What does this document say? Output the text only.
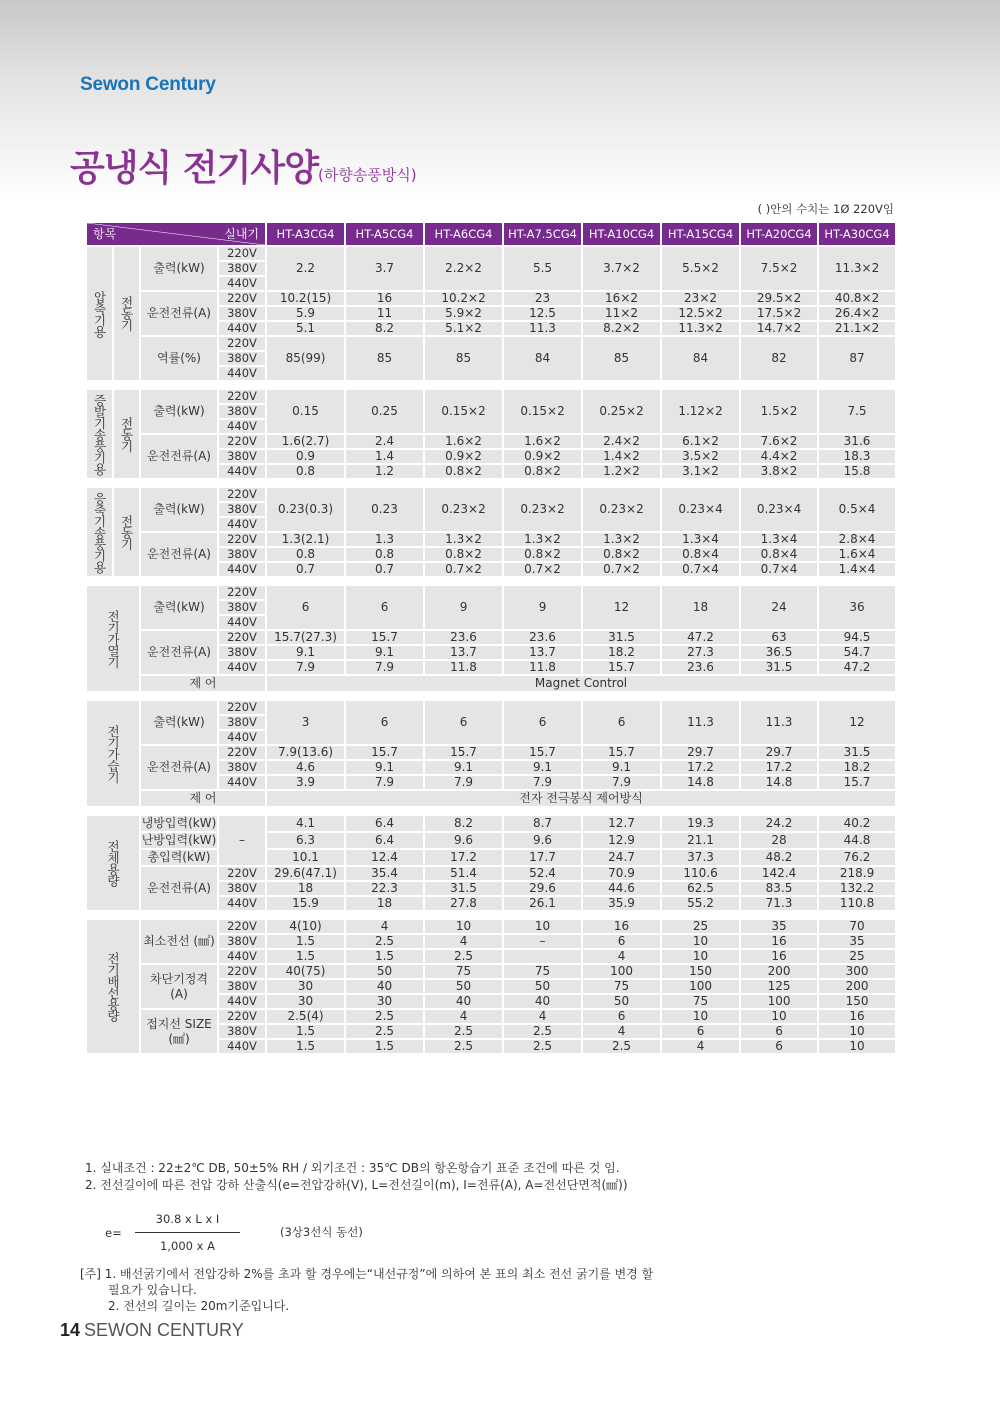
Sewon Century
공냉식 전기사양(하향송풍방식)
( )안의 수치는 1Ø 220V임
항목 실내기				HT-A3CG4	HT-A5CG4	HT-A6CG4	HT-A7.5CG4	HT-A10CG4	HT-A15CG4	HT-A20CG4	HT-A30CG4
압축기용	전동기	출력(kW)	220V	2.2	3.7	2.2×2	5.5	3.7×2	5.5×2	7.5×2	11.3×2
			380V								
			440V								
		운전전류(A)	220V	10.2(15)	16	10.2×2	23	16×2	23×2	29.5×2	40.8×2
			380V	5.9	11	5.9×2	12.5	11×2	12.5×2	17.5×2	26.4×2
			440V	5.1	8.2	5.1×2	11.3	8.2×2	11.3×2	14.7×2	21.1×2
		역률(%)	220V	85(99)	85	85	84	85	84	82	87
			380V								
			440V								

증발기송풍기용	전동기	출력(kW)	220V	0.15	0.25	0.15×2	0.15×2	0.25×2	1.12×2	1.5×2	7.5
			380V								
			440V								
		운전전류(A)	220V	1.6(2.7)	2.4	1.6×2	1.6×2	2.4×2	6.1×2	7.6×2	31.6
			380V	0.9	1.4	0.9×2	0.9×2	1.4×2	3.5×2	4.4×2	18.3
			440V	0.8	1.2	0.8×2	0.8×2	1.2×2	3.1×2	3.8×2	15.8

응축기송풍기용	전동기	출력(kW)	220V	0.23(0.3)	0.23	0.23×2	0.23×2	0.23×2	0.23×4	0.23×4	0.5×4
			380V								
			440V								
		운전전류(A)	220V	1.3(2.1)	1.3	1.3×2	1.3×2	1.3×2	1.3×4	1.3×4	2.8×4
			380V	0.8	0.8	0.8×2	0.8×2	0.8×2	0.8×4	0.8×4	1.6×4
			440V	0.7	0.7	0.7×2	0.7×2	0.7×2	0.7×4	0.7×4	1.4×4

전기가열기		출력(kW)	220V	6	6	9	9	12	18	24	36
			380V								
			440V								
		운전전류(A)	220V	15.7(27.3)	15.7	23.6	23.6	31.5	47.2	63	94.5
			380V	9.1	9.1	13.7	13.7	18.2	27.3	36.5	54.7
			440V	7.9	7.9	11.8	11.8	15.7	23.6	31.5	47.2
		제 어		Magnet Control							

전기가습기		출력(kW)	220V	3	6	6	6	6	11.3	11.3	12
			380V								
			440V								
		운전전류(A)	220V	7.9(13.6)	15.7	15.7	15.7	15.7	29.7	29.7	31.5
			380V	4.6	9.1	9.1	9.1	9.1	17.2	17.2	18.2
			440V	3.9	7.9	7.9	7.9	7.9	14.8	14.8	15.7
		제 어		전자 전극봉식 제어방식							

전체용량		냉방입력(kW)	–	4.1	6.4	8.2	8.7	12.7	19.3	24.2	40.2
		난방입력(kW)		6.3	6.4	9.6	9.6	12.9	21.1	28	44.8
		총입력(kW)		10.1	12.4	17.2	17.7	24.7	37.3	48.2	76.2
		운전전류(A)	220V	29.6(47.1)	35.4	51.4	52.4	70.9	110.6	142.4	218.9
			380V	18	22.3	31.5	29.6	44.6	62.5	83.5	132.2
			440V	15.9	18	27.8	26.1	35.9	55.2	71.3	110.8

전기배선용량		최소전선 (㎟)	220V	4(10)	4	10	10	16	25	35	70
			380V	1.5	2.5	4	–	6	10	16	35
			440V	1.5	1.5	2.5		4	10	16	25
		차단기정격 (A)	220V	40(75)	50	75	75	100	150	200	300
			380V	30	40	50	50	75	100	125	200
			440V	30	30	40	40	50	75	100	150
		접지선 SIZE (㎟)	220V	2.5(4)	2.5	4	4	6	10	10	16
			380V	1.5	2.5	2.5	2.5	4	6	6	10
			440V	1.5	1.5	2.5	2.5	2.5	4	6	10
1. 실내조건 : 22±2℃ DB, 50±5% RH / 외기조건 : 35℃ DB의 항온항습기 표준 조건에 따른 것 임.
2. 전선길이에 따른 전압 강하 산출식(e=전압강하(V), L=전선길이(m), I=전류(A), A=전선단면적(㎟))
$e= \frac{\text{30.8 x L x I}}{\text{1,000 x A}}$	(3상3선식 동선)
[주] 1. 배선굵기에서 전압강하 2%를 초과 할 경우에는“내선규정”에 의하여 본 표의 최소 전선 굵기를 변경 할
필요가 있습니다.
2. 전선의 길이는 20m기준입니다.
14 SEWON CENTURY
